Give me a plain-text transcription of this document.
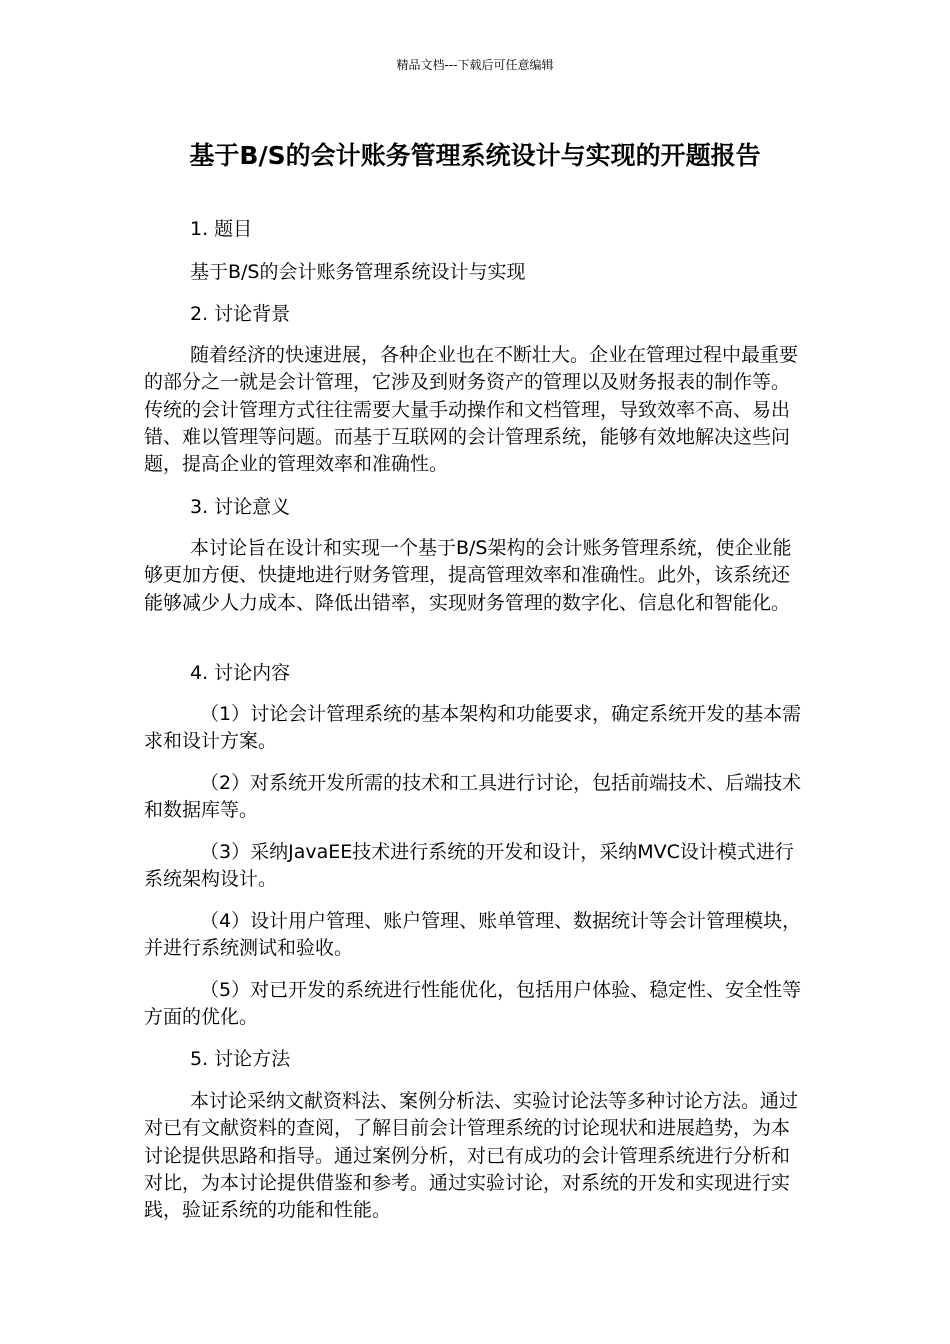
精品文档---下载后可任意编辑
基于B/S的会计账务管理系统设计与实现的开题报告

1. 题目

基于B/S的会计账务管理系统设计与实现

2. 讨论背景

随着经济的快速进展，各种企业也在不断壮大。企业在管理过程中最重要的部分之一就是会计管理，它涉及到财务资产的管理以及财务报表的制作等。传统的会计管理方式往往需要大量手动操作和文档管理，导致效率不高、易出错、难以管理等问题。而基于互联网的会计管理系统，能够有效地解决这些问题，提高企业的管理效率和准确性。

3. 讨论意义

本讨论旨在设计和实现一个基于B/S架构的会计账务管理系统，使企业能够更加方便、快捷地进行财务管理，提高管理效率和准确性。此外，该系统还能够减少人力成本、降低出错率，实现财务管理的数字化、信息化和智能化。

4. 讨论内容

（1）讨论会计管理系统的基本架构和功能要求，确定系统开发的基本需求和设计方案。

（2）对系统开发所需的技术和工具进行讨论，包括前端技术、后端技术和数据库等。

（3）采纳JavaEE技术进行系统的开发和设计，采纳MVC设计模式进行系统架构设计。

（4）设计用户管理、账户管理、账单管理、数据统计等会计管理模块，并进行系统测试和验收。

（5）对已开发的系统进行性能优化，包括用户体验、稳定性、安全性等方面的优化。

5. 讨论方法

本讨论采纳文献资料法、案例分析法、实验讨论法等多种讨论方法。通过对已有文献资料的查阅，了解目前会计管理系统的讨论现状和进展趋势，为本讨论提供思路和指导。通过案例分析，对已有成功的会计管理系统进行分析和对比，为本讨论提供借鉴和参考。通过实验讨论，对系统的开发和实现进行实践，验证系统的功能和性能。
